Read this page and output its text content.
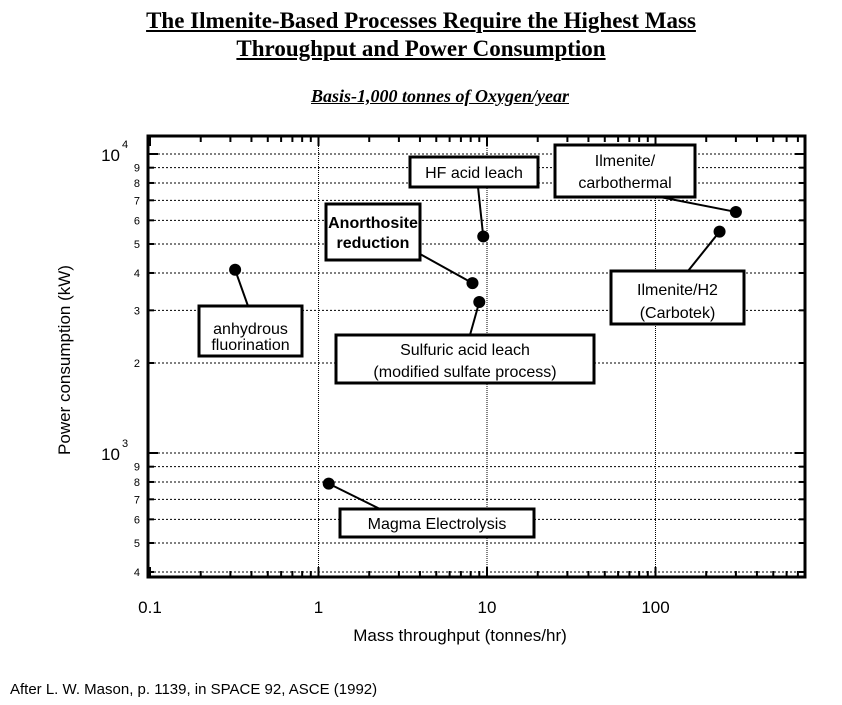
The Ilmenite-Based Processes Require the Highest Mass
Throughput and Power Consumption
Basis-1,000 tonnes of Oxygen/year
0.1	1	10	100
10
4
10
3
9
8
7
6
5
4
3
2
9
8
7
6
5
4
Mass throughput (tonnes/hr)
Power consumption (kW)	anhydrous
fluorination
HF acid leach
Anorthosite
reduction
Sulfuric acid leach
(modified sulfate process)
Ilmenite/
carbothermal
Ilmenite/H2
(Carbotek)
Magma Electrolysis
After L. W. Mason, p. 1139, in SPACE 92, ASCE (1992)
